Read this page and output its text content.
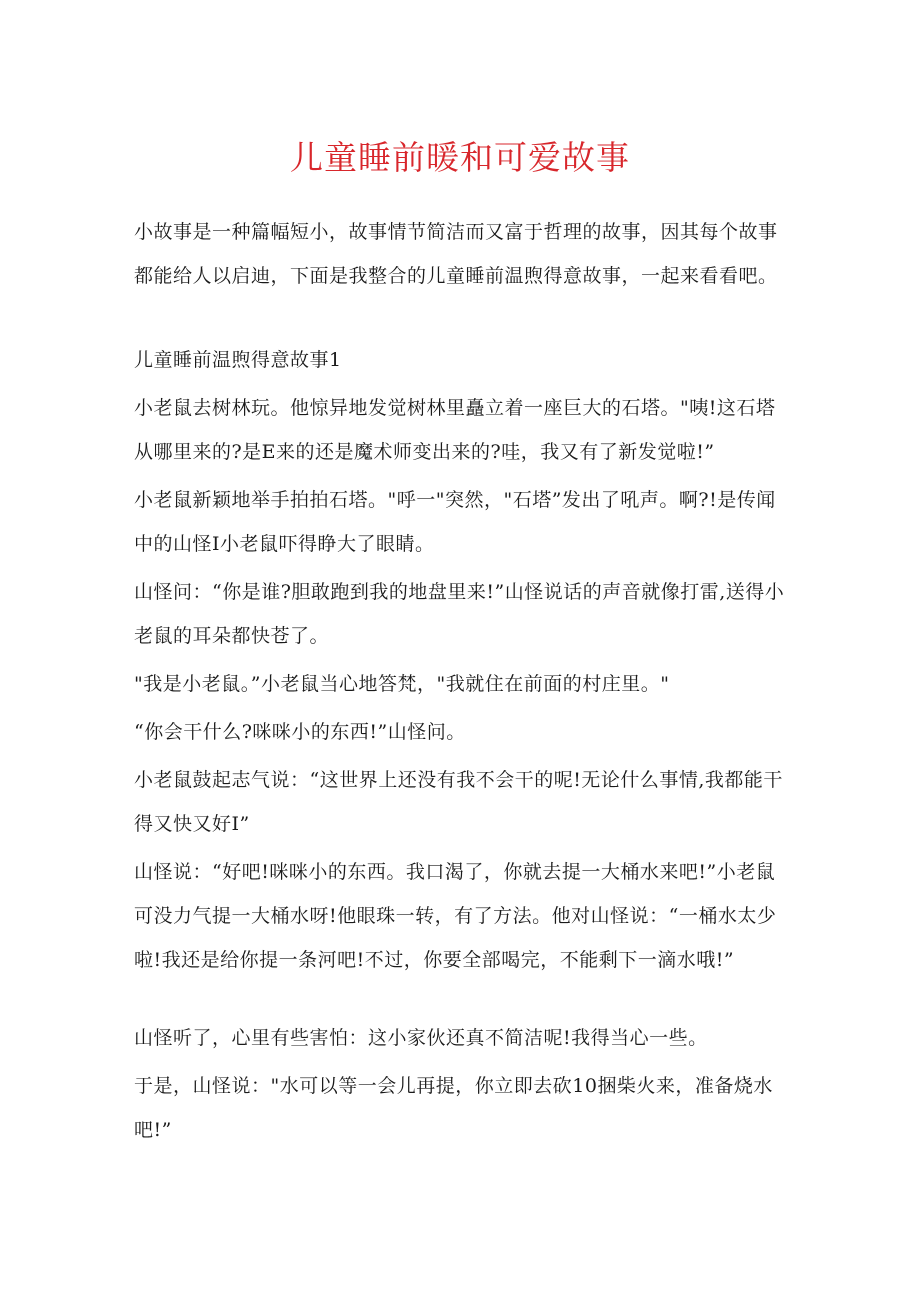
儿童睡前暖和可爱故事

小故事是一种篇幅短小，故事情节简洁而又富于哲理的故事，因其每个故事都能给人以启迪，下面是我整合的儿童睡前温煦得意故事，一起来看看吧。

儿童睡前温煦得意故事1

小老鼠去树林玩。他惊异地发觉树林里矗立着一座巨大的石塔。"咦!这石塔从哪里来的?是E来的还是魔术师变出来的?哇，我又有了新发觉啦!”

小老鼠新颖地举手拍拍石塔。"呼一"突然，"石塔”发出了吼声。啊?!是传闻中的山怪I小老鼠吓得睁大了眼睛。

山怪问：“你是谁?胆敢跑到我的地盘里来!”山怪说话的声音就像打雷,送得小老鼠的耳朵都快苍了。

"我是小老鼠。”小老鼠当心地答梵，"我就住在前面的村庄里。"

“你会干什么?咪咪小的东西!”山怪问。

小老鼠鼓起志气说：“这世界上还没有我不会干的呢!无论什么事情,我都能干得又快又好I”

山怪说：“好吧!咪咪小的东西。我口渴了，你就去提一大桶水来吧!”小老鼠可没力气提一大桶水呀!他眼珠一转，有了方法。他对山怪说：“一桶水太少啦!我还是给你提一条河吧!不过，你要全部喝完，不能剩下一滴水哦!”

山怪听了，心里有些害怕：这小家伙还真不简洁呢!我得当心一些。

于是，山怪说："水可以等一会儿再提，你立即去砍10捆柴火来，准备烧水吧!”
